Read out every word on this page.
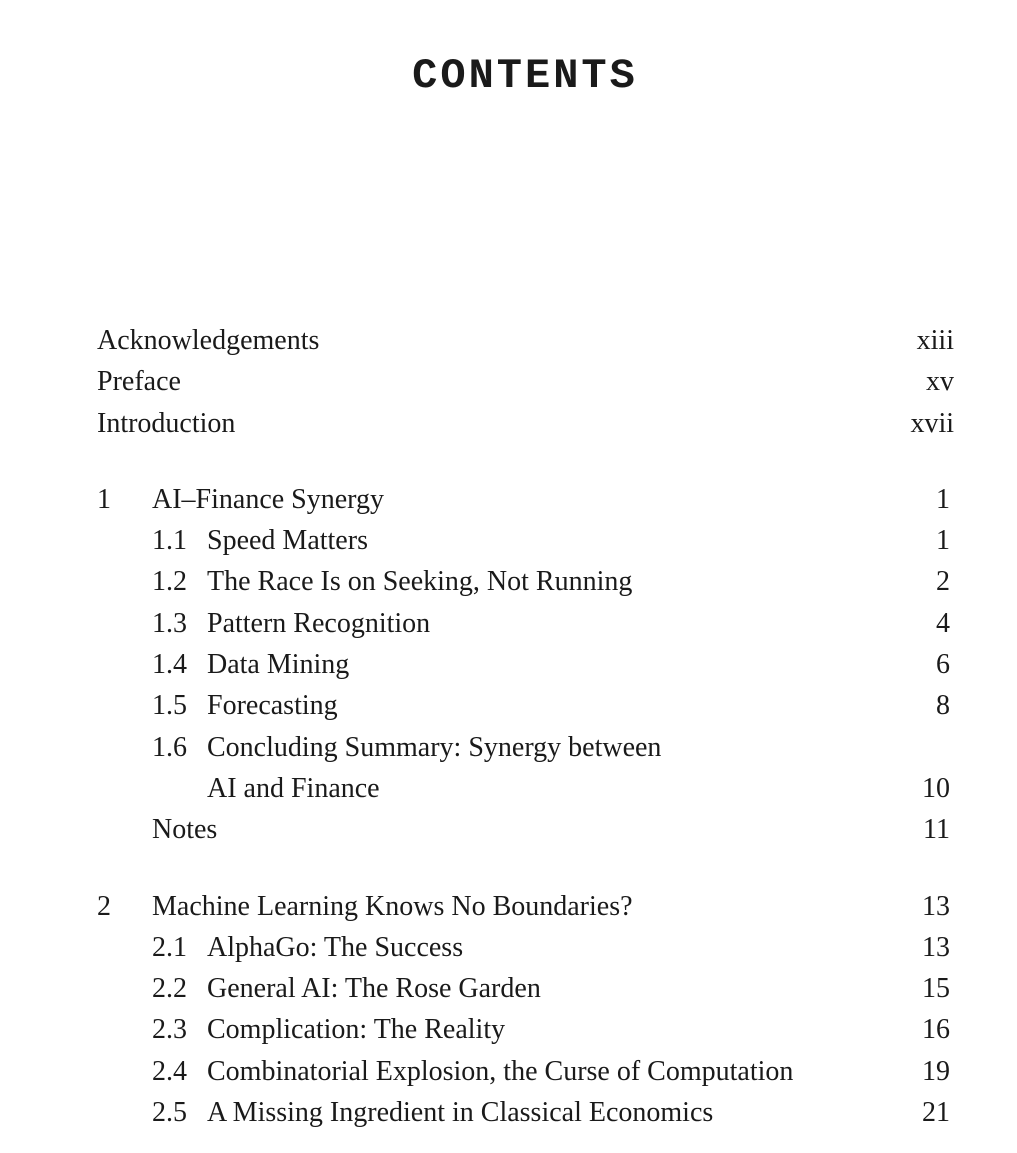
CONTENTS
Acknowledgements	xiii
Preface	xv
Introduction	xvii
1 AI–Finance Synergy	1
1.1 Speed Matters	1
1.2 The Race Is on Seeking, Not Running	2
1.3 Pattern Recognition	4
1.4 Data Mining	6
1.5 Forecasting	8
1.6 Concluding Summary: Synergy between
AI and Finance	10
Notes	11
2 Machine Learning Knows No Boundaries?	13
2.1 AlphaGo: The Success	13
2.2 General AI: The Rose Garden	15
2.3 Complication: The Reality	16
2.4 Combinatorial Explosion, the Curse of Computation	19
2.5 A Missing Ingredient in Classical Economics	21
